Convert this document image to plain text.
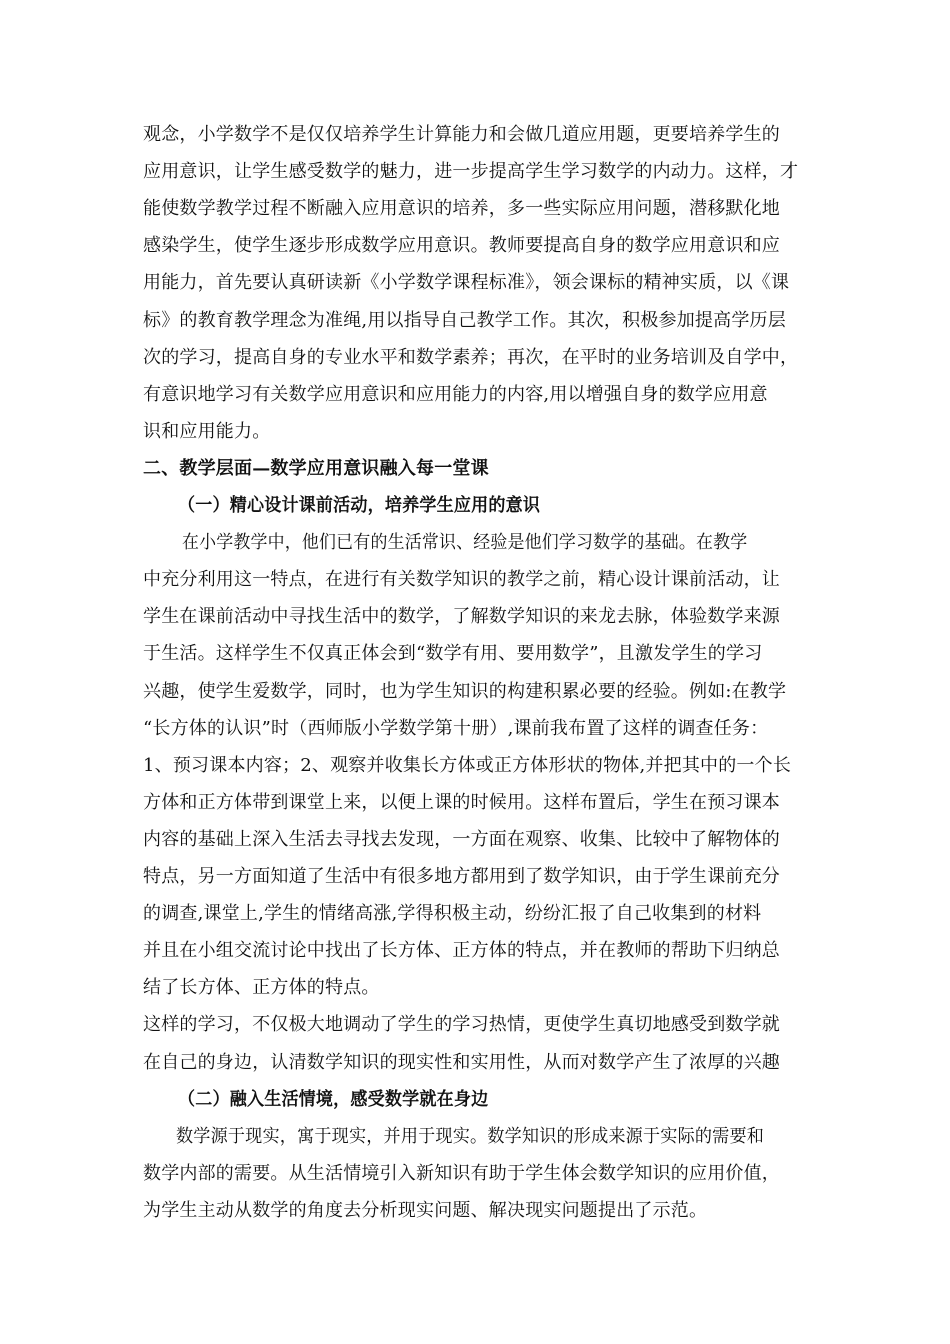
观念，小学数学不是仅仅培养学生计算能力和会做几道应用题，更要培养学生的
应用意识，让学生感受数学的魅力，进一步提高学生学习数学的内动力。这样，才
能使数学教学过程不断融入应用意识的培养，多一些实际应用问题，潜移默化地
感染学生，使学生逐步形成数学应用意识。教师要提高自身的数学应用意识和应
用能力，首先要认真研读新《小学数学课程标准》，领会课标的精神实质，以《课
标》的教育教学理念为准绳,用以指导自己教学工作。其次，积极参加提高学历层
次的学习，提高自身的专业水平和数学素养；再次，在平时的业务培训及自学中，
有意识地学习有关数学应用意识和应用能力的内容,用以增强自身的数学应用意
识和应用能力。
二、教学层面—数学应用意识融入每一堂课
（一）精心设计课前活动，培养学生应用的意识
在小学教学中，他们已有的生活常识、经验是他们学习数学的基础。在教学
中充分利用这一特点，在进行有关数学知识的教学之前，精心设计课前活动，让
学生在课前活动中寻找生活中的数学，了解数学知识的来龙去脉，体验数学来源
于生活。这样学生不仅真正体会到“数学有用、要用数学”，且激发学生的学习
兴趣，使学生爱数学，同时，也为学生知识的构建积累必要的经验。例如:在教学
“长方体的认识”时（西师版小学数学第十册）,课前我布置了这样的调查任务：
1、预习课本内容；2、观察并收集长方体或正方体形状的物体,并把其中的一个长
方体和正方体带到课堂上来，以便上课的时候用。这样布置后，学生在预习课本
内容的基础上深入生活去寻找去发现，一方面在观察、收集、比较中了解物体的
特点，另一方面知道了生活中有很多地方都用到了数学知识，由于学生课前充分
的调查,课堂上,学生的情绪高涨,学得积极主动，纷纷汇报了自己收集到的材料
并且在小组交流讨论中找出了长方体、正方体的特点，并在教师的帮助下归纳总
结了长方体、正方体的特点。
这样的学习，不仅极大地调动了学生的学习热情，更使学生真切地感受到数学就
在自己的身边，认清数学知识的现实性和实用性，从而对数学产生了浓厚的兴趣
（二）融入生活情境，感受数学就在身边
数学源于现实，寓于现实，并用于现实。数学知识的形成来源于实际的需要和
数学内部的需要。从生活情境引入新知识有助于学生体会数学知识的应用价值，
为学生主动从数学的角度去分析现实问题、解决现实问题提出了示范。
